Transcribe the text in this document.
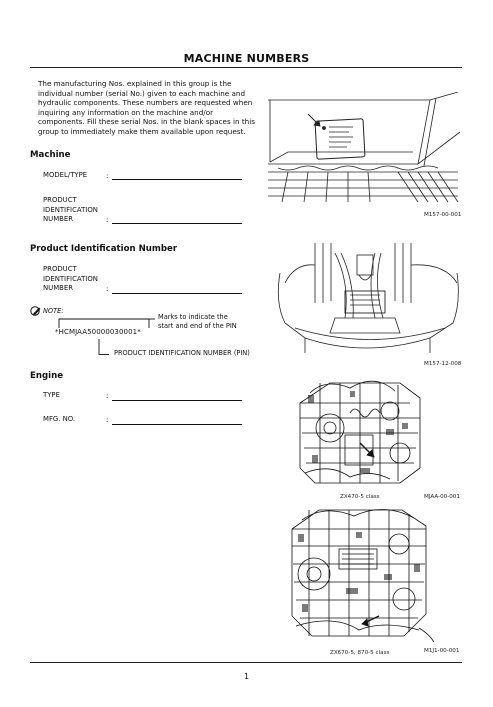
MACHINE NUMBERS

The manufacturing Nos. explained in this group is the individual number (serial No.) given to each machine and hydraulic components. These numbers are requested when inquiring any information on the machine and/or components. Fill these serial Nos. in the blank spaces in this group to immediately make them available upon request.

Machine
MODEL/TYPE	:
PRODUCT
IDENTIFICATION
NUMBER	:
Product Identification Number
PRODUCT
IDENTIFICATION
NUMBER	:
NOTE:
Marks to indicate the
start and end of the PIN
*HCMJAA50000030001*
PRODUCT IDENTIFICATION NUMBER (PIN)
Engine
TYPE	:
MFG. NO.	:
M157-00-001
M157-12-008
ZX470-5 class	MJAA-00-001
ZX670-5, 870-5 class	M1J1-00-001
1
